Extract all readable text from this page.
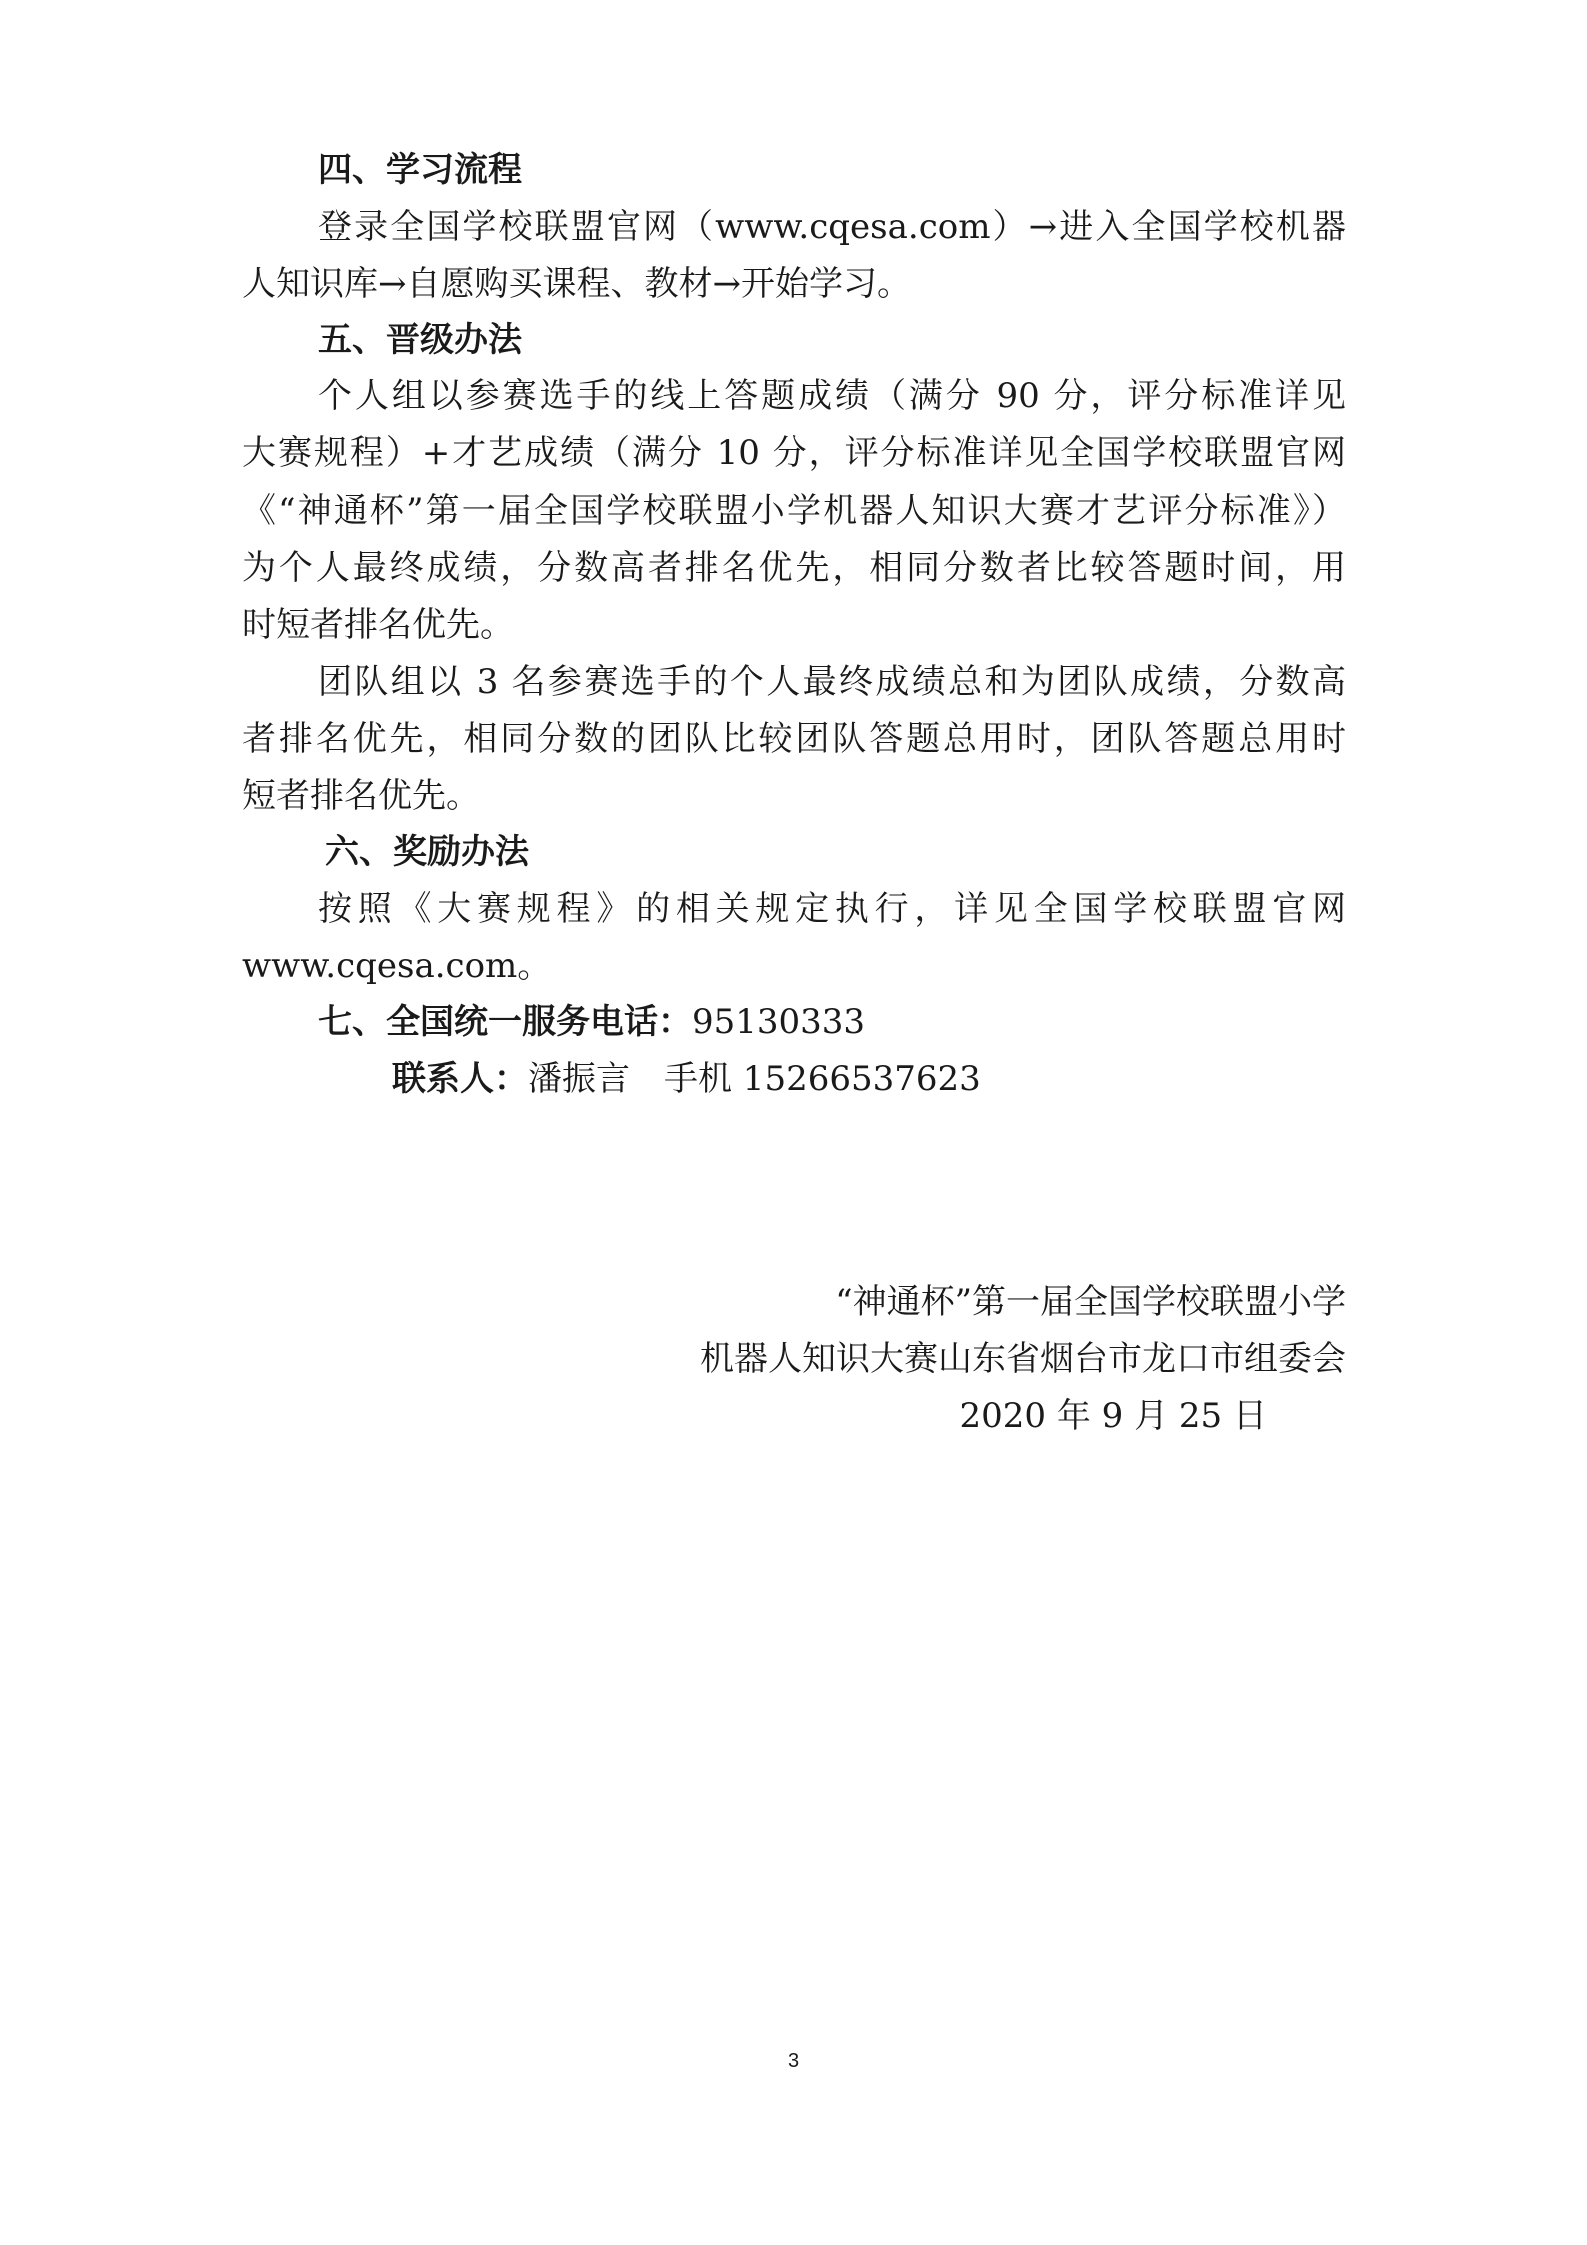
四、学习流程
登录全国学校联盟官网（www.cqesa.com）→进入全国学校机器
人知识库→自愿购买课程、教材→开始学习。
五、晋级办法
个人组以参赛选手的线上答题成绩（满分 90 分，评分标准详见
大赛规程）+才艺成绩（满分 10 分，评分标准详见全国学校联盟官网
《“神通杯”第一届全国学校联盟小学机器人知识大赛才艺评分标准》）
为个人最终成绩，分数高者排名优先，相同分数者比较答题时间，用
时短者排名优先。
团队组以 3 名参赛选手的个人最终成绩总和为团队成绩，分数高
者排名优先，相同分数的团队比较团队答题总用时，团队答题总用时
短者排名优先。
六、奖励办法
按照《大赛规程》的相关规定执行，详见全国学校联盟官网
www.cqesa.com。
七、全国统一服务电话：95130333
联系人：潘振言　手机 15266537623
“神通杯”第一届全国学校联盟小学
机器人知识大赛山东省烟台市龙口市组委会
2020 年 9 月 25 日
3
